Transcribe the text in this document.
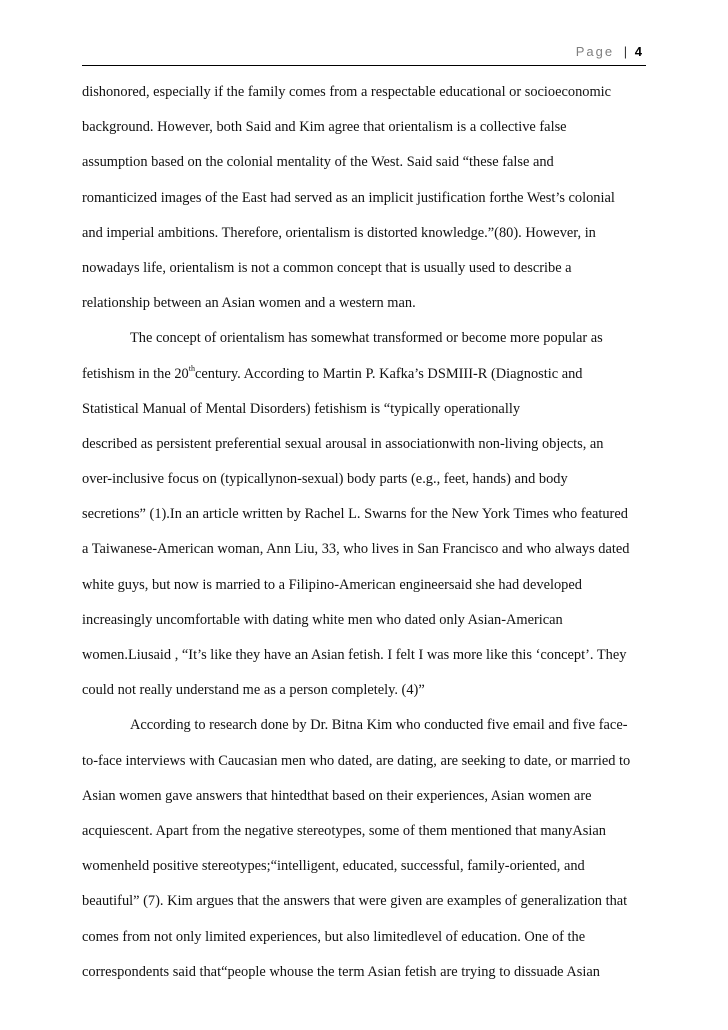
Page | 4
dishonored, especially if the family comes from a respectable educational or socioeconomic
background. However, both Said and Kim agree that orientalism is a collective false
assumption based on the colonial mentality of the West. Said said “these false and
romanticized images of the East had served as an implicit justification forthe West’s colonial
and imperial ambitions. Therefore, orientalism is distorted knowledge.”(80). However, in
nowadays life, orientalism is not a common concept that is usually used to describe a
relationship between an Asian women and a western man.
The concept of orientalism has somewhat transformed or become more popular as
fetishism in the 20thcentury. According to Martin P. Kafka’s DSMIII-R (Diagnostic and
Statistical Manual of Mental Disorders) fetishism is “typically operationally
described as persistent preferential sexual arousal in associationwith non-living objects, an
over-inclusive focus on (typicallynon-sexual) body parts (e.g., feet, hands) and body
secretions” (1).In an article written by Rachel L. Swarns for the New York Times who featured
a Taiwanese-American woman, Ann Liu, 33, who lives in San Francisco and who always dated
white guys, but now is married to a Filipino-American engineersaid she had developed
increasingly uncomfortable with dating white men who dated only Asian-American
women.Liusaid , “It’s like they have an Asian fetish. I felt I was more like this ‘concept’. They
could not really understand me as a person completely. (4)”
According to research done by Dr. Bitna Kim who conducted five email and five face-
to-face interviews with Caucasian men who dated, are dating, are seeking to date, or married to
Asian women gave answers that hintedthat based on their experiences, Asian women are
acquiescent. Apart from the negative stereotypes, some of them mentioned that manyAsian
womenheld positive stereotypes;“intelligent, educated, successful, family-oriented, and
beautiful” (7). Kim argues that the answers that were given are examples of generalization that
comes from not only limited experiences, but also limitedlevel of education. One of the
correspondents said that“people whouse the term Asian fetish are trying to dissuade Asian
